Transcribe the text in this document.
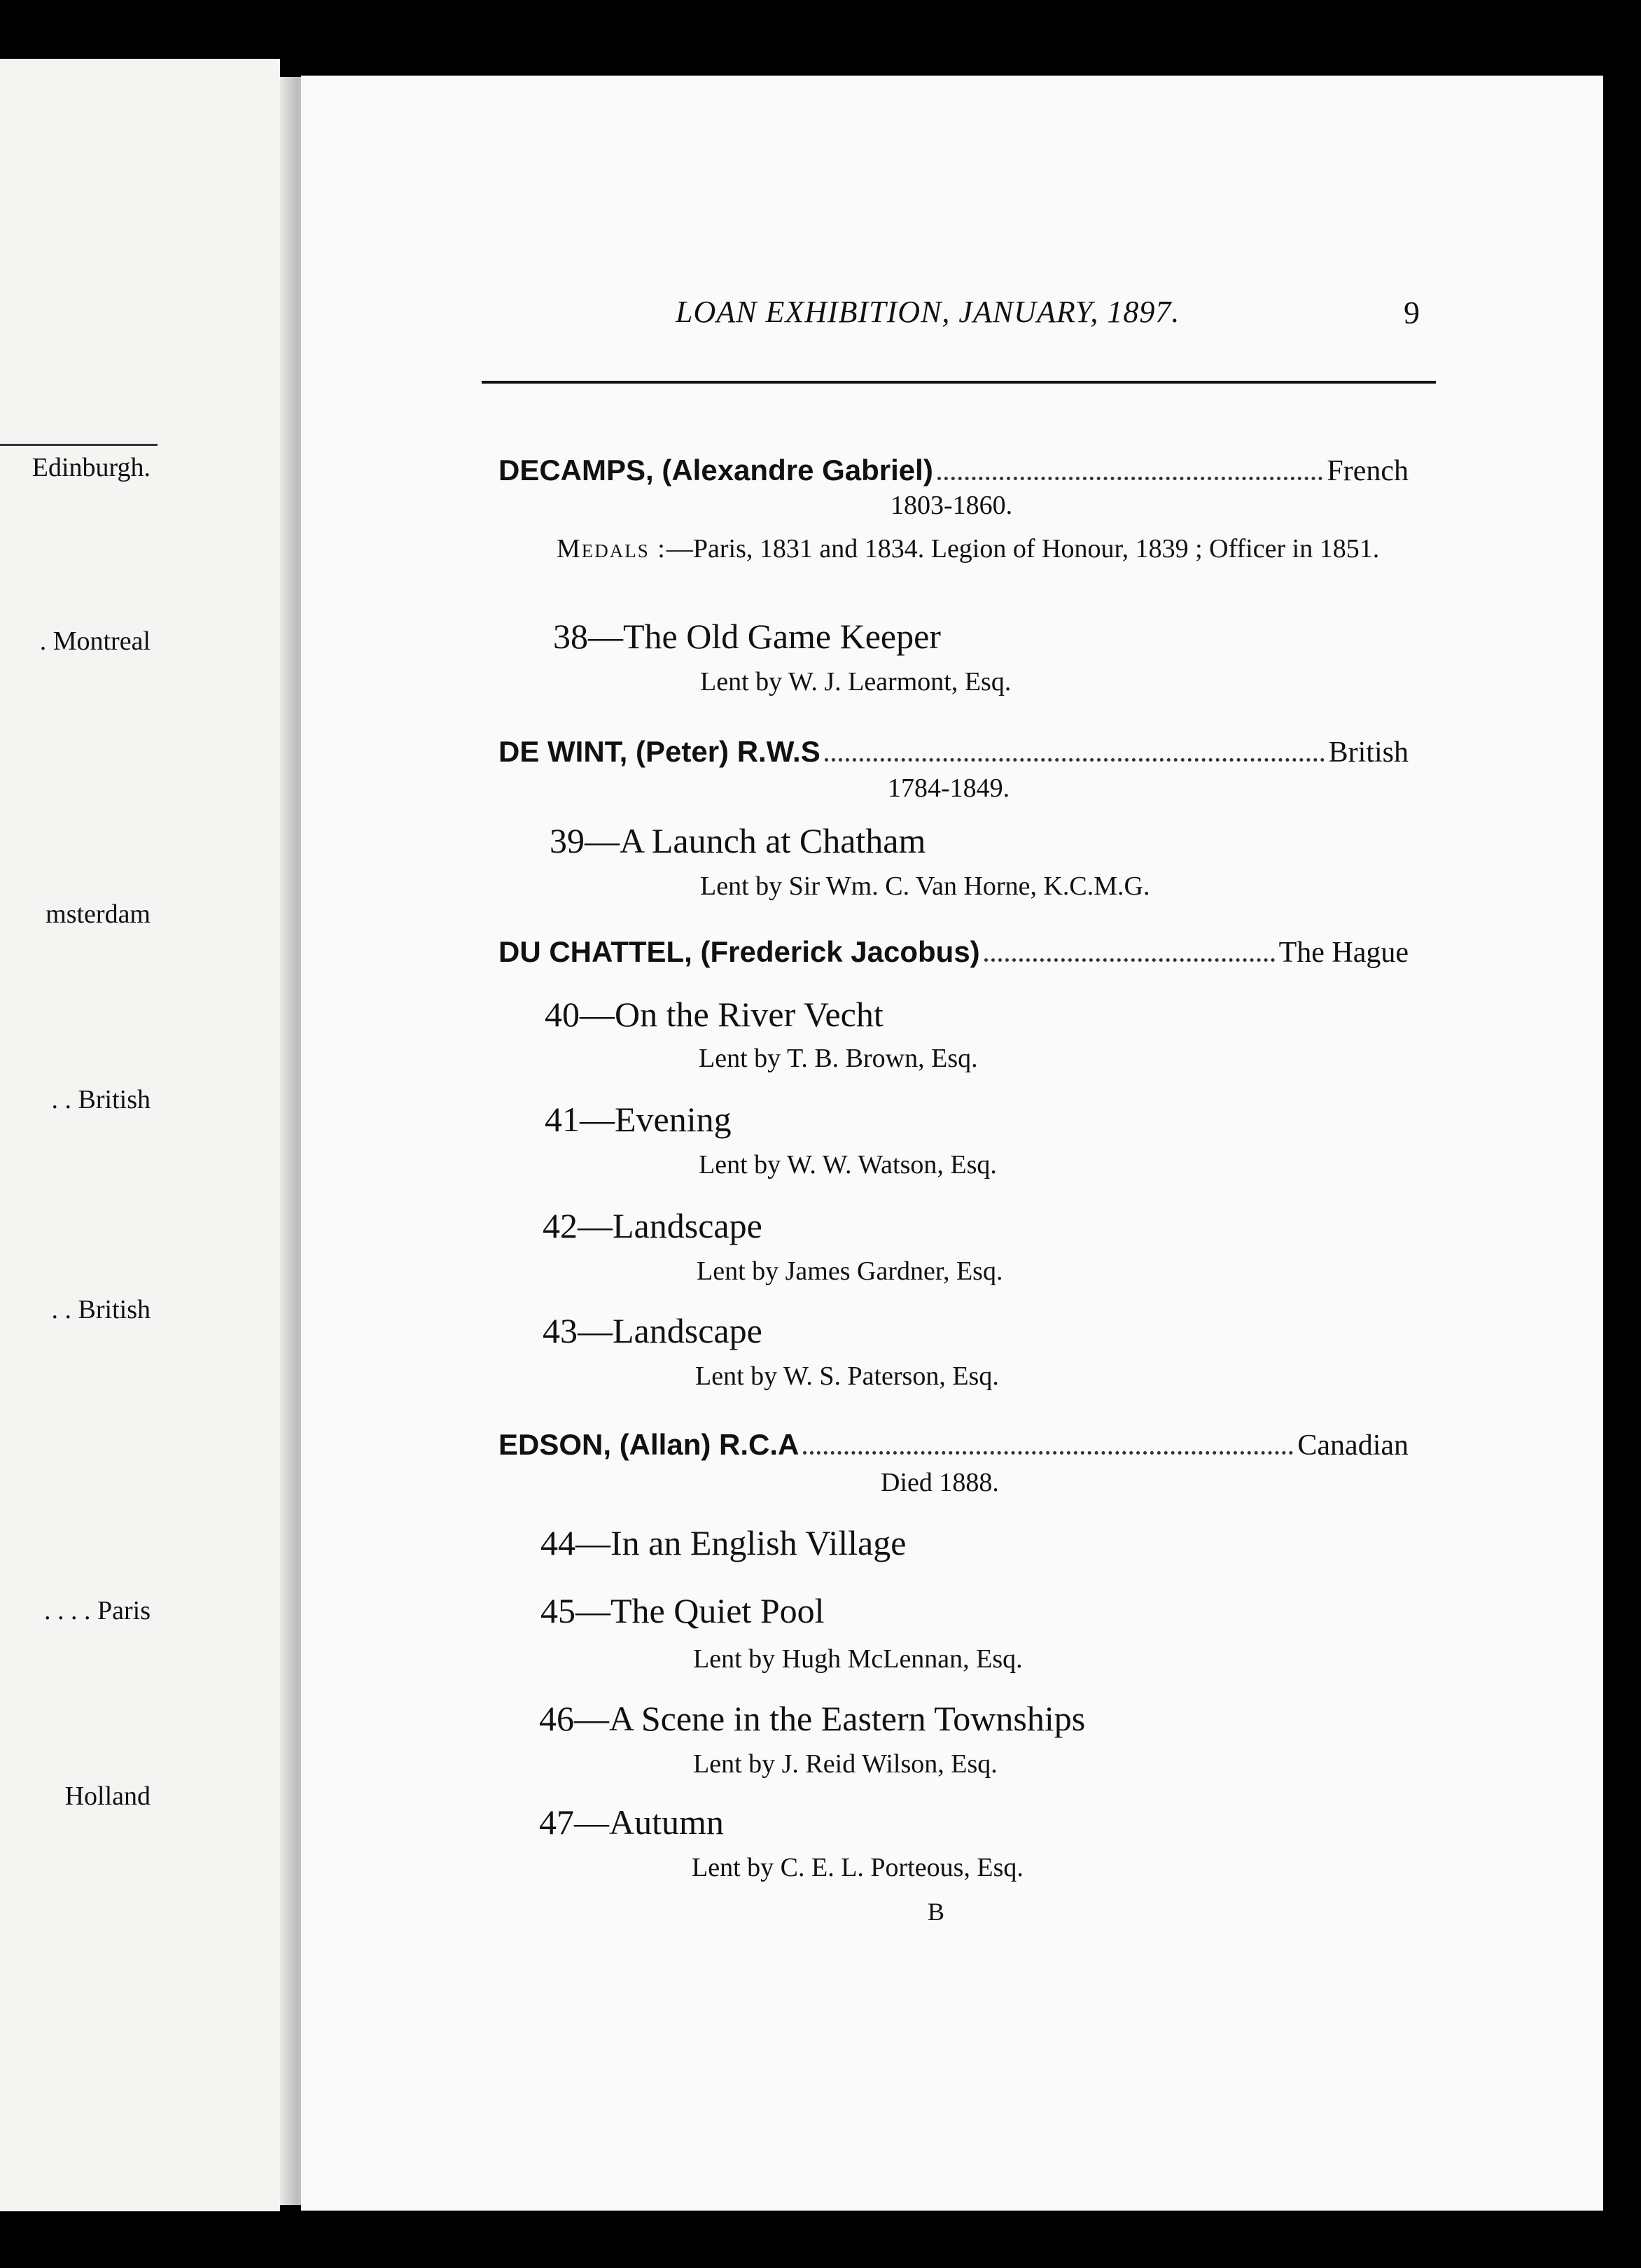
Edinburgh.
. Montreal
msterdam
. . British
. . British
. . . . Paris
Holland
LOAN EXHIBITION, JANUARY, 1897.	9
DECAMPS, (Alexandre Gabriel)	French
1803-1860.
Medals :—Paris, 1831 and 1834. Legion of Honour, 1839 ; Officer in 1851.
38—The Old Game Keeper
Lent by W. J. Learmont, Esq.
DE WINT, (Peter) R.W.S	British
1784-1849.
39—A Launch at Chatham
Lent by Sir Wm. C. Van Horne, K.C.M.G.
DU CHATTEL, (Frederick Jacobus)	The Hague
40—On the River Vecht
Lent by T. B. Brown, Esq.
41—Evening
Lent by W. W. Watson, Esq.
42—Landscape
Lent by James Gardner, Esq.
43—Landscape
Lent by W. S. Paterson, Esq.
EDSON, (Allan) R.C.A	Canadian
Died 1888.
44—In an English Village
45—The Quiet Pool
Lent by Hugh McLennan, Esq.
46—A Scene in the Eastern Townships
Lent by J. Reid Wilson, Esq.
47—Autumn
Lent by C. E. L. Porteous, Esq.
B
